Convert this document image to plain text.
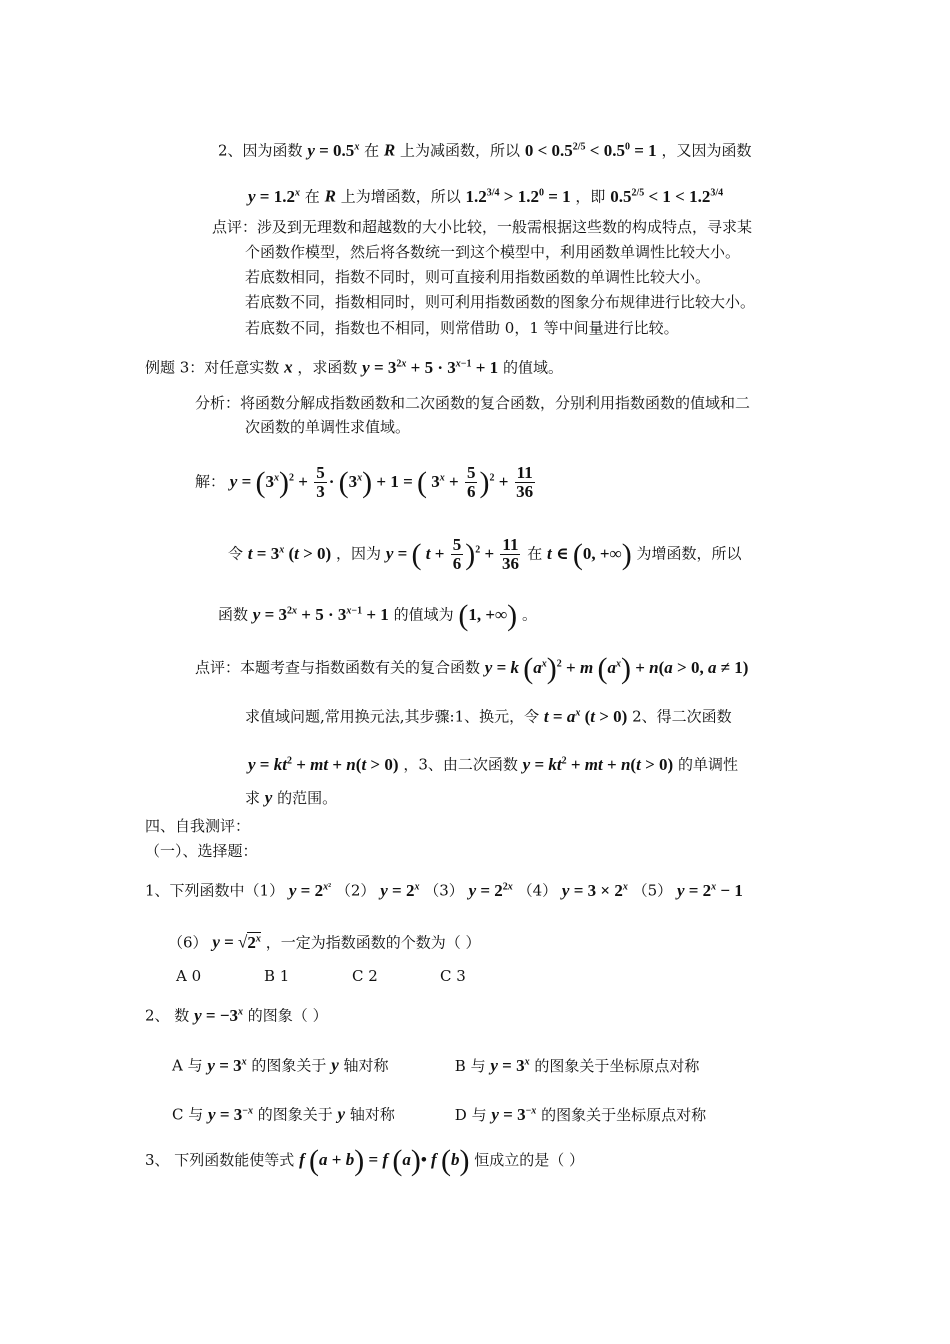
2、因为函数 $y = 0.5^x$ 在 R 上为减函数，所以 $0 < 0.5^{2/5} < 0.5^0 = 1$ ，又因为函数
$y = 1.2^x$ 在 R 上为增函数，所以 $1.2^{3/4} > 1.2^0 = 1$ ，即 $0.5^{2/5} < 1 < 1.2^{3/4}$
点评：涉及到无理数和超越数的大小比较，一般需根据这些数的构成特点，寻求某
个函数作模型，然后将各数统一到这个模型中，利用函数单调性比较大小。
若底数相同，指数不同时，则可直接利用指数函数的单调性比较大小。
若底数不同，指数相同时，则可利用指数函数的图象分布规律进行比较大小。
若底数不同，指数也不相同，则常借助 0，1 等中间量进行比较。
例题 3：对任意实数 x ，求函数 $y = 3^{2x} + 5 \cdot 3^{x-1} + 1$ 的值域。
分析：将函数分解成指数函数和二次函数的复合函数，分别利用指数函数的值域和二
次函数的单调性求值域。
解： $y = (3^x)^2 + \frac{5}{3} \cdot (3^x) + 1$ = ( $3^x + \frac{5}{6} )^2 + \frac{11}{36}$
令 $t = 3^x$ (t > 0) ，因为 y = ( $t + \frac{5}{6} )^2 + \frac{11}{36}$ 在 t ∈ (0, +∞) 为增函数，所以
函数 $y = 3^{2x} + 5 \cdot 3^{x-1} + 1$ 的值域为 (1, +∞) 。
点评：本题考查与指数函数有关的复合函数 y = k $(a^x)^2 + m$ $(a^x) + n(a > 0$, a ≠ 1)
求值域问题,常用换元法,其步骤:1、换元，令 $t = a^x$ (t > 0) 2、得二次函数
$y = kt^2$ + mt + n(t > 0) ，3、由二次函数 $y = kt^2$ + mt + n(t > 0) 的单调性
求 y 的范围。
四、自我测评：
（一）、选择题：
1、下列函数中（1） $y = 2^{x^2}$ （2） $y = 2^x$ （3） $y = 2^{2x}$ （4） $y = 3 \times 2^x$ （5） $y = 2^x - 1$
（6） $y = √2^x$ ，一定为指数函数的个数为（ ）
A 0	B 1	C 2	C 3
2、 数 $y = -3^x$ 的图象（ ）
A 与 $y = 3^x$ 的图象关于 y 轴对称	B 与 $y = 3^x$ 的图象关于坐标原点对称
C 与 $y = 3^{-x}$ 的图象关于 y 轴对称	D 与 $y = 3^{-x}$ 的图象关于坐标原点对称
3、 下列函数能使等式 f (a + b) = f (a)• f (b) 恒成立的是（ ）
